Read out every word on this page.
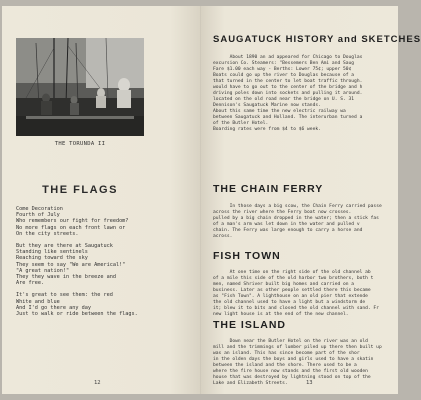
THE TORUNDA II
THE FLAGS
Come Decoration
Fourth of July
Who remembers our fight for freedom?
No more flags on each front lawn or
On the city streets.
But they are there at Saugatuck
Standing like sentinels
Reaching toward the sky
They seem to say "We are Americal!"
"A great nation!"
They they wave in the breeze and
Are free.
It's great to see them: the red
White and blue
And I'd go there any day
Just to walk or ride between the flags.
12
SAUGATUCK HISTORY and SKETCHES

About 1890 an ad appeared for Chicago to Douglas
excursion Co. Steamers: "Bessemers Ben Ami and Saug
Fare $1.00 each way - Berths: Lower 75¢; upper 50¢
Boats could go up the river to Douglas because of a
that turned in the center to let boat traffic through.
would have to go out to the center of the bridge and h
driving poles down into sockets and pulling it around.
located on the old road near the bridge on U. S. 31
Dennison's Saugatuck Marine now stands.
About this same time the new electric railway wa
between Saugatuck and Holland. The interurban turned a
of the Butler Hotel.
Boarding rates were from $4 to $6 week.

THE CHAIN FERRY

In those days a big scow, the Chain Ferry carried passe
across the river where the Ferry boat now crosses.
pulled by a big chain dropped in the water; then a stick fas
of a man's arm was let down in the water and pulled v
chain. The Ferry was large enough to carry a horse and
across.

FISH TOWN

At one time on the right side of the old channel ab
of a mile this side of the old harbor two brothers, both t
men, named Shriver built big homes and carried on a
business. Later as other people settled there this became
as "Fish Town". A lighthouse on an old pier that extende
the old channel used to have a light but a windstorm de
it; blew it to bits and closed the old channel with sand. Fr
new light house is at the end of the new channel.

THE ISLAND

Down near the Butler Hotel on the river was an old
mill and the trimmings of lumber piled up there then built up
was an island. This has since become part of the shor
in the olden days the boys and girls used to have a skatin
between the island and the shore. There used to be a
where the fire house now stands and the first old wooden
house that was destroyed by lightning stood on top of the
Lake and Elizabeth Streets.
	13
